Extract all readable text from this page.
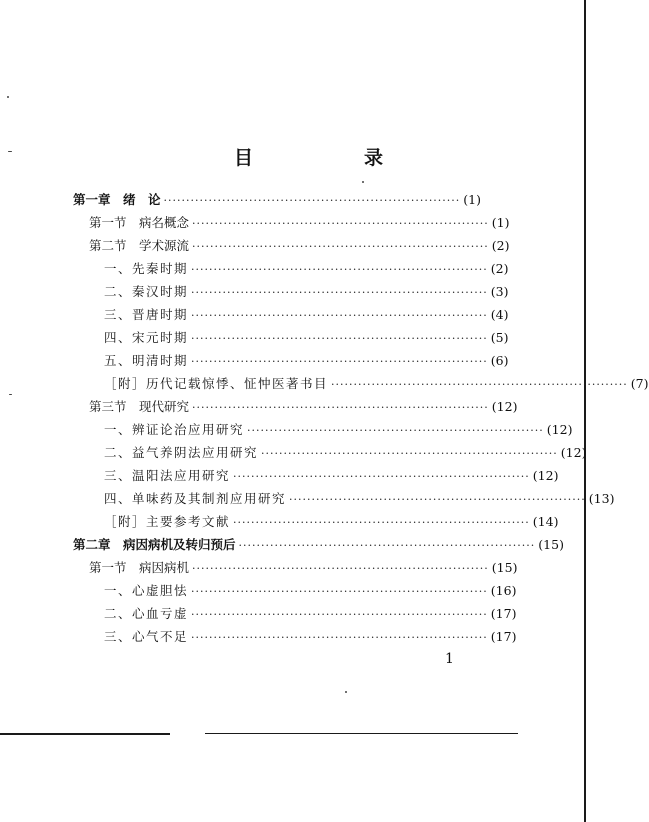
目　录
第一章　绪　论 ·································································· (1)
第一节　病名概念 ·································································· (1)
第二节　学术源流 ·································································· (2)
一、先秦时期 ·································································· (2)
二、秦汉时期 ·································································· (3)
三、晋唐时期 ·································································· (4)
四、宋元时期 ·································································· (5)
五、明清时期 ·································································· (6)
［附］历代记载惊悸、怔忡医著书目 ·································································· (7)
第三节　现代研究 ·································································· (12)
一、辨证论治应用研究 ·································································· (12)
二、益气养阴法应用研究 ·································································· (12)
三、温阳法应用研究 ·································································· (12)
四、单味药及其制剂应用研究 ·································································· (13)
［附］主要参考文献 ·································································· (14)
第二章　病因病机及转归预后 ·································································· (15)
第一节　病因病机 ·································································· (15)
一、心虚胆怯 ·································································· (16)
二、心血亏虚 ·································································· (17)
三、心气不足 ·································································· (17)
1
